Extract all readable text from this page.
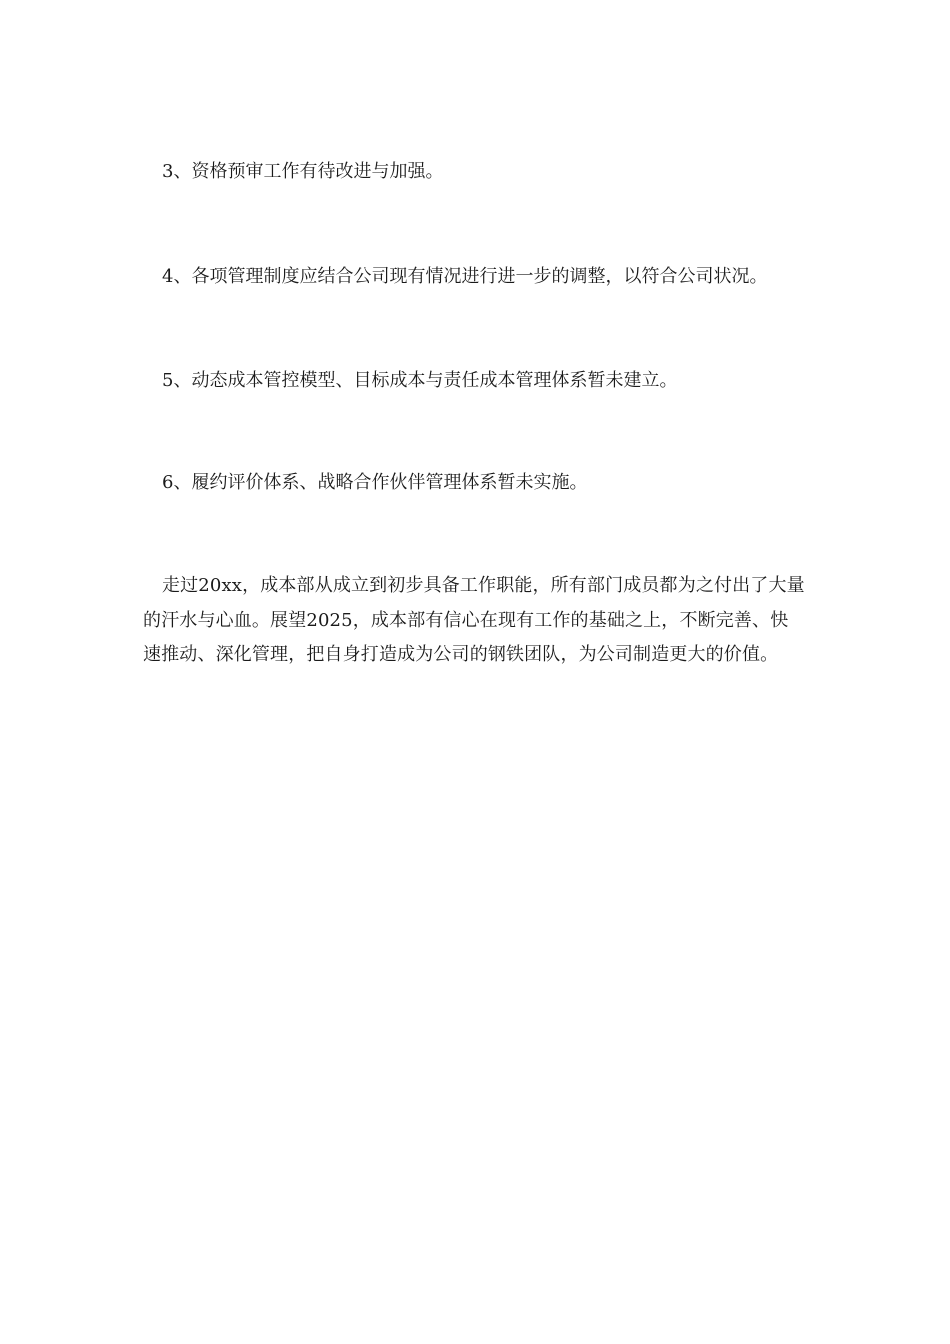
3、资格预审工作有待改进与加强。

4、各项管理制度应结合公司现有情况进行进一步的调整，以符合公司状况。

5、动态成本管控模型、目标成本与责任成本管理体系暂未建立。

6、履约评价体系、战略合作伙伴管理体系暂未实施。

走过20xx，成本部从成立到初步具备工作职能，所有部门成员都为之付出了大量的汗水与心血。展望2025，成本部有信心在现有工作的基础之上，不断完善、快速推动、深化管理，把自身打造成为公司的钢铁团队，为公司制造更大的价值。
